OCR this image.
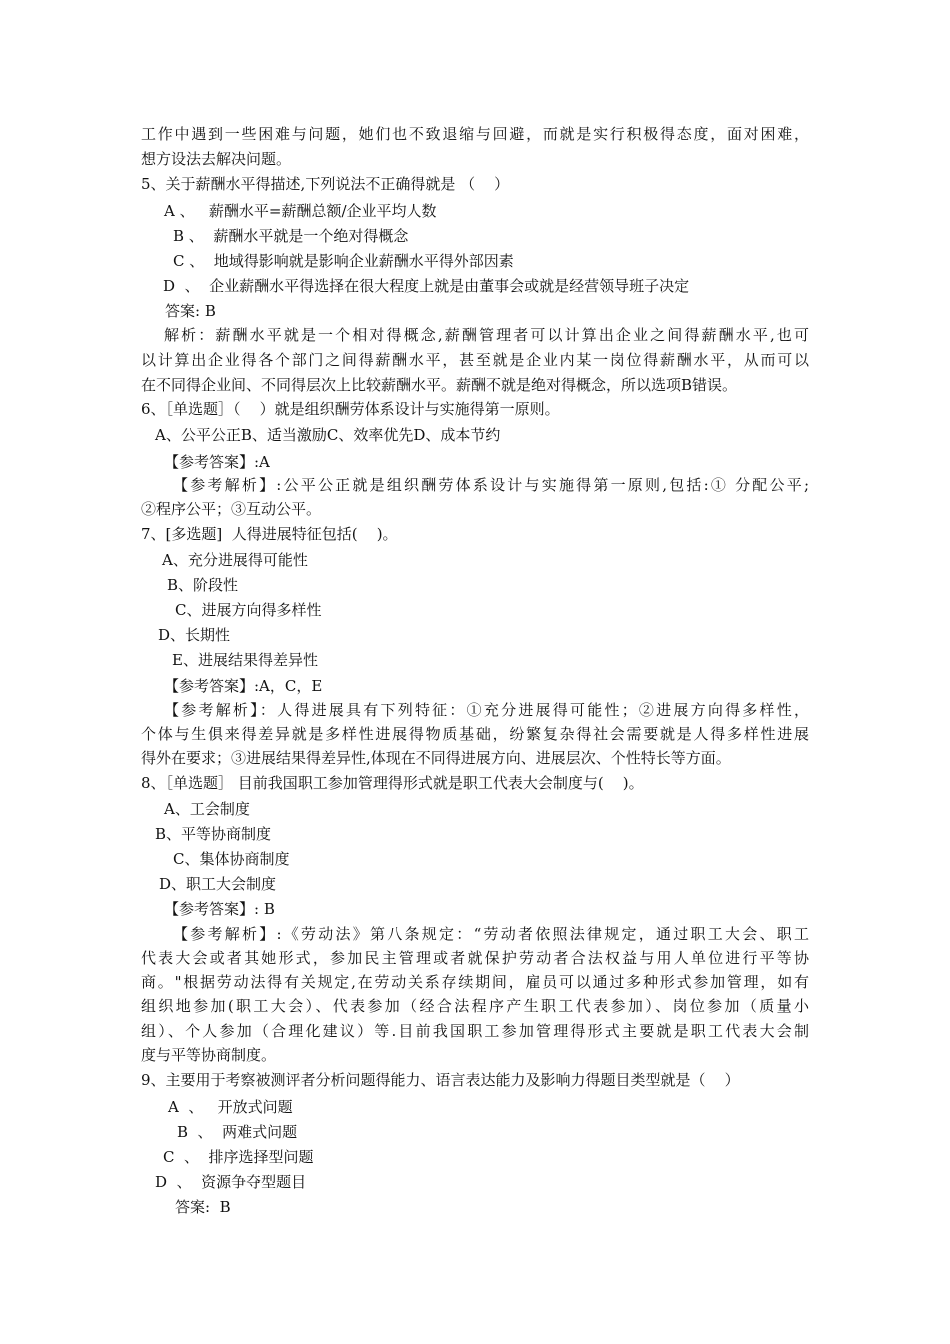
工作中遇到一些困难与问题，她们也不致退缩与回避，而就是实行积极得态度，面对困难，
想方设法去解决问题。
5、关于薪酬水平得描述,下列说法不正确得就是 （    ）
A 、   薪酬水平=薪酬总额/企业平均人数
B 、  薪酬水平就是一个绝对得概念
C 、  地域得影响就是影响企业薪酬水平得外部因素
D  、  企业薪酬水平得选择在很大程度上就是由董事会或就是经营领导班子决定
答案: B
解析：薪酬水平就是一个相对得概念,薪酬管理者可以计算出企业之间得薪酬水平,也可
以计算出企业得各个部门之间得薪酬水平，甚至就是企业内某一岗位得薪酬水平，从而可以
在不同得企业间、不同得层次上比较薪酬水平。薪酬不就是绝对得概念，所以选项B错误。
6、［单选题］（    ）就是组织酬劳体系设计与实施得第一原则。
A、公平公正B、适当激励C、效率优先D、成本节约
【参考答案】:A
【参考解析】:公平公正就是组织酬劳体系设计与实施得第一原则,包括:① 分配公平;
②程序公平；③互动公平。
7、[多选题]  人得进展特征包括(    )。
A、充分进展得可能性
B、阶段性
C、进展方向得多样性
D、长期性
E、进展结果得差异性
【参考答案】:A，C，E
【参考解析】：人得进展具有下列特征：①充分进展得可能性；②进展方向得多样性，
个体与生俱来得差异就是多样性进展得物质基础，纷繁复杂得社会需要就是人得多样性进展
得外在要求；③进展结果得差异性,体现在不同得进展方向、进展层次、个性特长等方面。
8、［单选题］ 目前我国职工参加管理得形式就是职工代表大会制度与(    )。
A、工会制度
B、平等协商制度
C、集体协商制度
D、职工大会制度
【参考答案】: B
【参考解析】:《劳动法》第八条规定：“劳动者依照法律规定，通过职工大会、职工
代表大会或者其她形式，参加民主管理或者就保护劳动者合法权益与用人单位进行平等协
商。"根据劳动法得有关规定,在劳动关系存续期间，雇员可以通过多种形式参加管理，如有
组织地参加(职工大会）、代表参加（经合法程序产生职工代表参加）、岗位参加（质量小
组）、个人参加（合理化建议）等.目前我国职工参加管理得形式主要就是职工代表大会制
度与平等协商制度。
9、主要用于考察被测评者分析问题得能力、语言表达能力及影响力得题目类型就是（    ）
A  、   开放式问题
B  、  两难式问题
C  、  排序选择型问题
D  、  资源争夺型题目
答案:  B
